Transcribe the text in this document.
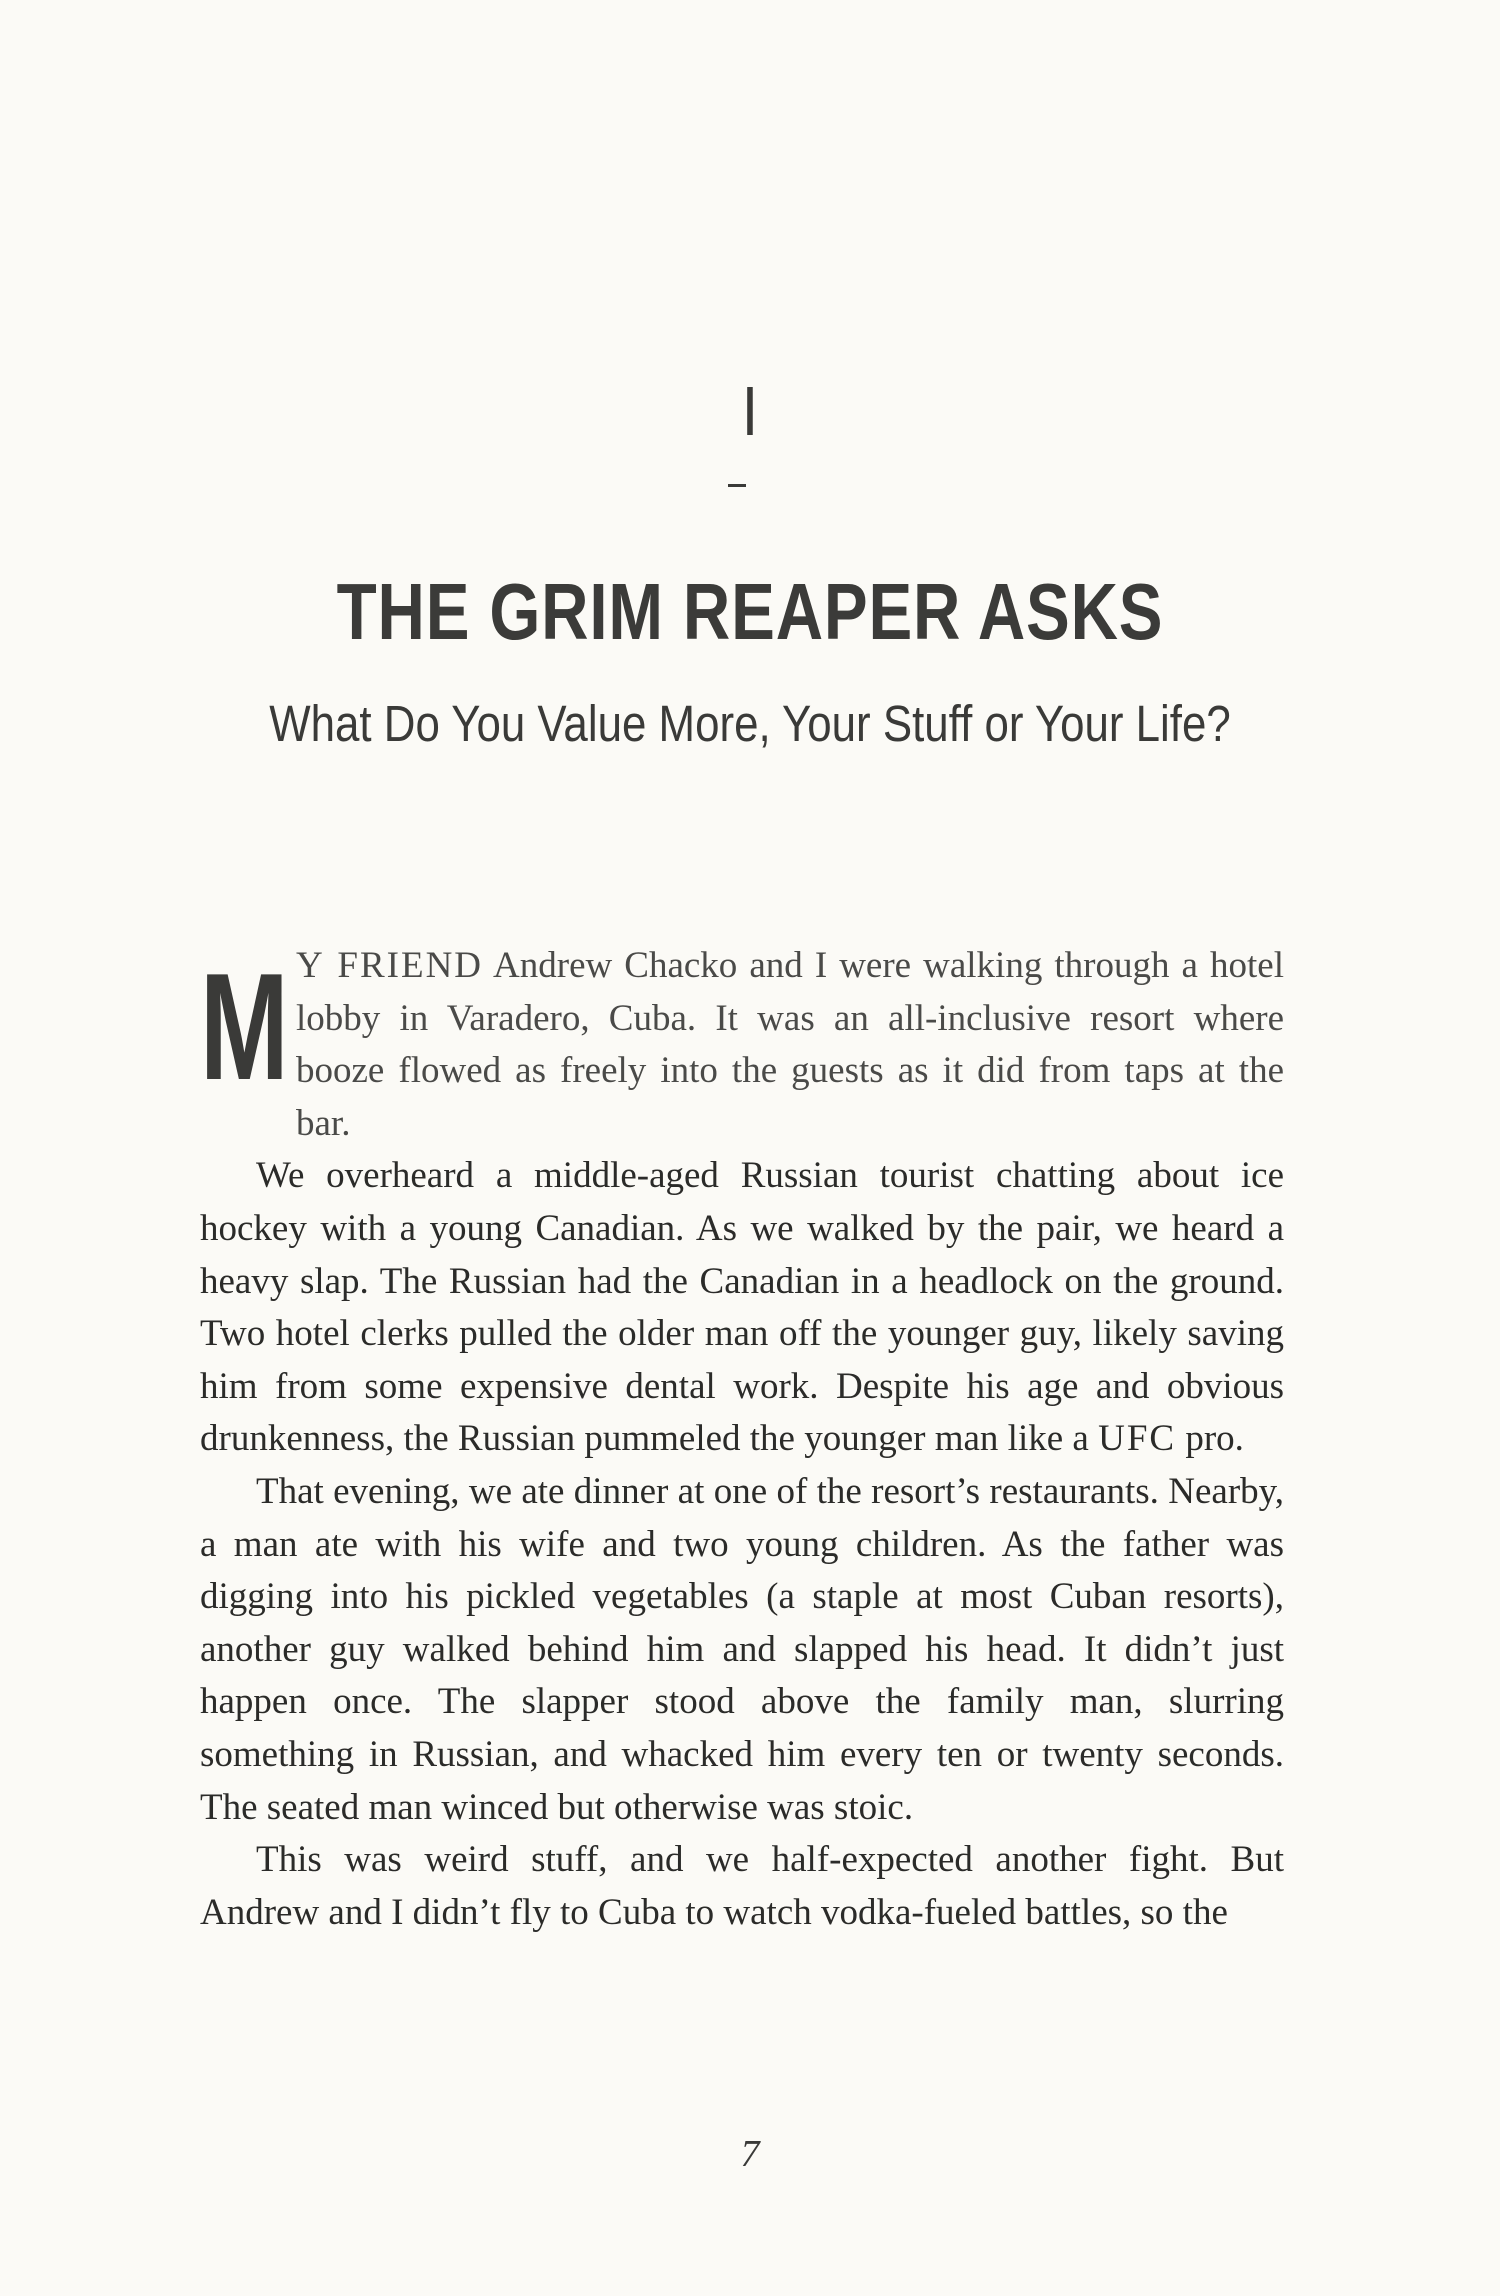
I
THE GRIM REAPER ASKS
What Do You Value More, Your Stuff or Your Life?

M Y FRIEND Andrew Chacko and I were walking through a hotel lobby in Varadero, Cuba. It was an all-inclusive resort where booze flowed as freely into the guests as it did from taps at the bar.

We overheard a middle-aged Russian tourist chatting about ice hockey with a young Canadian. As we walked by the pair, we heard a heavy slap. The Russian had the Canadian in a headlock on the ground. Two hotel clerks pulled the older man off the younger guy, likely saving him from some expensive dental work. Despite his age and obvious drunkenness, the Russian pummeled the younger man like a UFC pro.

That evening, we ate dinner at one of the resort’s restaurants. Nearby, a man ate with his wife and two young children. As the father was digging into his pickled vegetables (a staple at most Cuban resorts), another guy walked behind him and slapped his head. It didn’t just happen once. The slapper stood above the family man, slurring something in Russian, and whacked him every ten or twenty seconds. The seated man winced but otherwise was stoic.

This was weird stuff, and we half-expected another fight. But Andrew and I didn’t fly to Cuba to watch vodka-fueled battles, so the

7
